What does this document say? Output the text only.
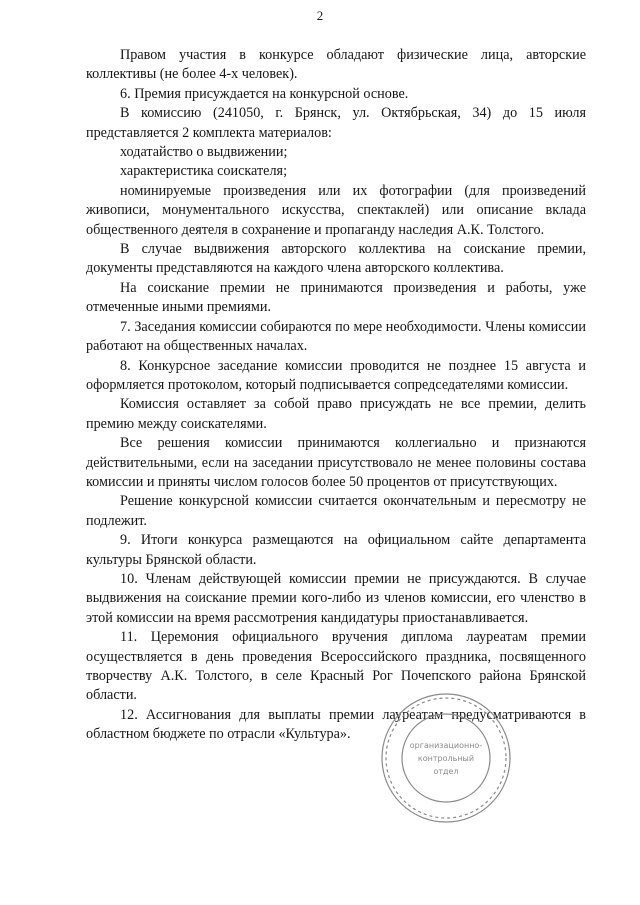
2

Правом участия в конкурсе обладают физические лица, авторские коллективы (не более 4-х человек).

6. Премия присуждается на конкурсной основе.

В комиссию (241050, г. Брянск, ул. Октябрьская, 34) до 15 июля представляется 2 комплекта материалов:

ходатайство о выдвижении;

характеристика соискателя;

номинируемые произведения или их фотографии (для произведений живописи, монументального искусства, спектаклей) или описание вклада общественного деятеля в сохранение и пропаганду наследия А.К. Толстого.

В случае выдвижения авторского коллектива на соискание премии, документы представляются на каждого члена авторского коллектива.

На соискание премии не принимаются произведения и работы, уже отмеченные иными премиями.

7. Заседания комиссии собираются по мере необходимости. Члены комиссии работают на общественных началах.

8. Конкурсное заседание комиссии проводится не позднее 15 августа и оформляется протоколом, который подписывается сопредседателями комиссии.

Комиссия оставляет за собой право присуждать не все премии, делить премию между соискателями.

Все решения комиссии принимаются коллегиально и признаются действительными, если на заседании присутствовало не менее половины состава комиссии и приняты числом голосов более 50 процентов от присутствующих.

Решение конкурсной комиссии считается окончательным и пересмотру не подлежит.

9. Итоги конкурса размещаются на официальном сайте департамента культуры Брянской области.

10. Членам действующей комиссии премии не присуждаются. В случае выдвижения на соискание премии кого-либо из членов комиссии, его членство в этой комиссии на время рассмотрения кандидатуры приостанавливается.

11. Церемония официального вручения диплома лауреатам премии осуществляется в день проведения Всероссийского праздника, посвященного творчеству А.К. Толстого, в селе Красный Рог Почепского района Брянской области.

12. Ассигнования для выплаты премии лауреатам предусматриваются в областном бюджете по отрасли «Культура».

организационно-
контрольный
отдел
